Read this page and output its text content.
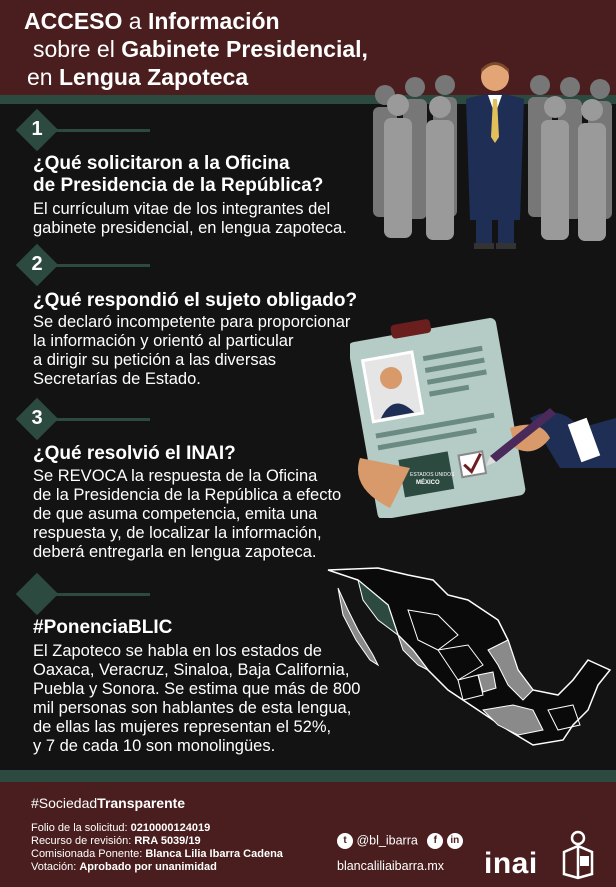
ACCESO a Información
sobre el Gabinete Presidencial,
en Lengua Zapoteca
1
¿Qué solicitaron a la Oficina
de Presidencia de la República?
El currículum vitae de los integrantes del
gabinete presidencial, en lengua zapoteca.
2
¿Qué respondió el sujeto obligado?
Se declaró incompetente para proporcionar
la información y orientó al particular
a dirigir su petición a las diversas
Secretarías de Estado.
ESTADOS UNIDOS
MÉXICO
3
¿Qué resolvió el INAI?
Se REVOCA la respuesta de la Oficina
de la Presidencia de la República a efecto
de que asuma competencia, emita una
respuesta y, de localizar la información,
deberá entregarla en lengua zapoteca.
#PonenciaBLIC
El Zapoteco se habla en los estados de
Oaxaca, Veracruz, Sinaloa, Baja California,
Puebla y Sonora. Se estima que más de 800
mil personas son hablantes de esta lengua,
de ellas las mujeres representan el 52%,
y 7 de cada 10 son monolingües.
#SociedadTransparente
Folio de la solicitud: 0210000124019
Recurso de revisión: RRA 5039/19
Comisionada Ponente: Blanca Lilia Ibarra Cadena
Votación: Aprobado por unanimidad
t @bl_ibarra f in
blancaliliaibarra.mx inai
